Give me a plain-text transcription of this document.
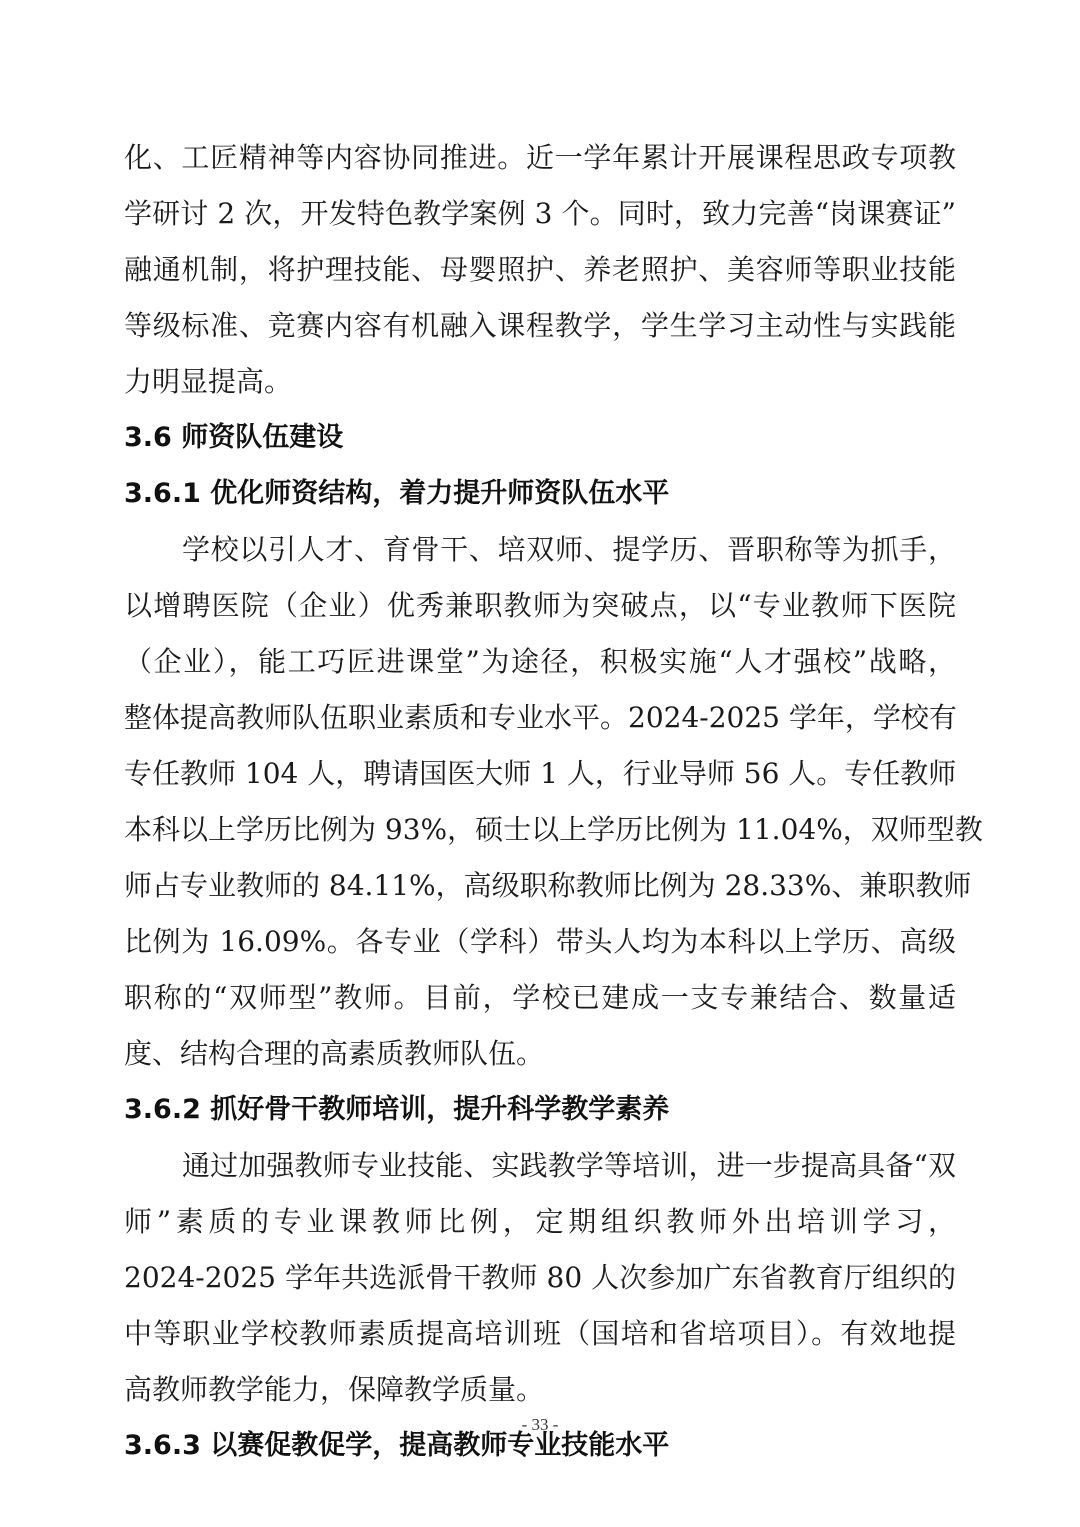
化、工匠精神等内容协同推进。近一学年累计开展课程思政专项教
学研讨 2 次，开发特色教学案例 3 个。同时，致力完善“岗课赛证”
融通机制，将护理技能、母婴照护、养老照护、美容师等职业技能
等级标准、竞赛内容有机融入课程教学，学生学习主动性与实践能
力明显提高。
3.6 师资队伍建设
3.6.1 优化师资结构，着力提升师资队伍水平
学校以引人才、育骨干、培双师、提学历、晋职称等为抓手，
以增聘医院（企业）优秀兼职教师为突破点，以“专业教师下医院
（企业），能工巧匠进课堂”为途径，积极实施“人才强校”战略，
整体提高教师队伍职业素质和专业水平。2024-2025 学年，学校有
专任教师 104 人，聘请国医大师 1 人，行业导师 56 人。专任教师
本科以上学历比例为 93%，硕士以上学历比例为 11.04%，双师型教
师占专业教师的 84.11%，高级职称教师比例为 28.33%、兼职教师
比例为 16.09%。各专业（学科）带头人均为本科以上学历、高级
职称的“双师型”教师。目前，学校已建成一支专兼结合、数量适
度、结构合理的高素质教师队伍。
3.6.2 抓好骨干教师培训，提升科学教学素养
通过加强教师专业技能、实践教学等培训，进一步提高具备“双
师”素质的专业课教师比例，定期组织教师外出培训学习，
2024-2025 学年共选派骨干教师 80 人次参加广东省教育厅组织的
中等职业学校教师素质提高培训班（国培和省培项目）。有效地提
高教师教学能力，保障教学质量。
3.6.3 以赛促教促学，提高教师专业技能水平
- 33 -
